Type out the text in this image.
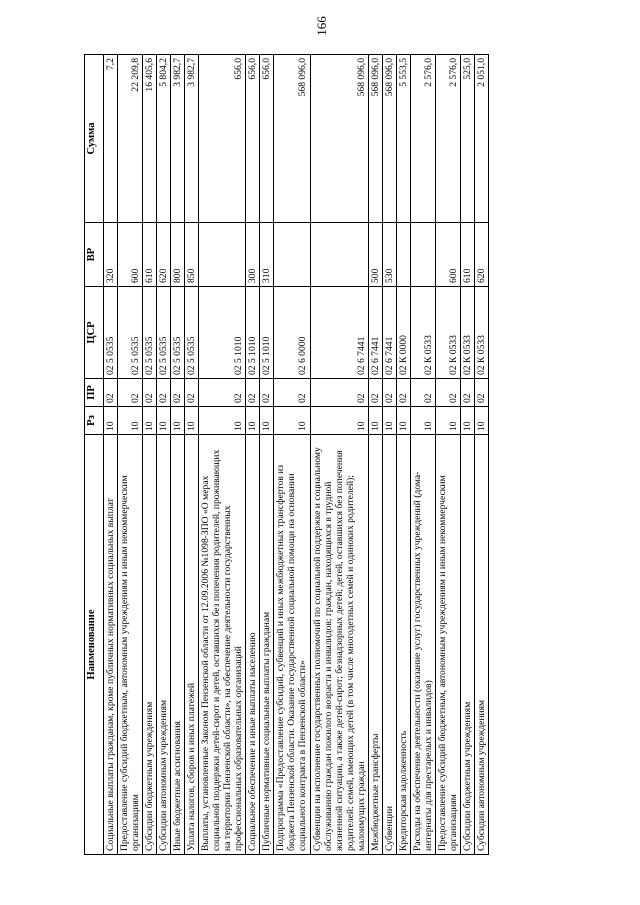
166
Наименование	Рз	ПР	ЦСР	ВР	Сумма
Социальные выплаты гражданам, кроме публичных нормативных социальных выплат	10	02	02 5 0535	320	7,2
Предоставление субсидий бюджетным, автономным учреждениям и иным некоммерческим организациям	10	02	02 5 0535	600	22 209,8
Субсидии бюджетным учреждениям	10	02	02 5 0535	610	16 405,6
Субсидии автономным учреждениям	10	02	02 5 0535	620	5 804,2
Иные бюджетные ассигнования	10	02	02 5 0535	800	3 982,7
Уплата налогов, сборов и иных платежей	10	02	02 5 0535	850	3 982,7
Выплаты, установленные Законом Пензенской области от 12.09.2006 №1098-ЗПО «О мерах социальной поддержки детей-сирот и детей, оставшихся без попечения родителей, проживающих на территории Пензенской области», на обеспечение деятельности государственных профессиональных образовательных организаций	10	02	02 5 1010		656,0
Социальное обеспечение и иные выплаты населению	10	02	02 5 1010	300	656,0
Публичные нормативные социальные выплаты гражданам	10	02	02 5 1010	310	656,0
Подпрограмма «Предоставление субсидий, субвенций и иных межбюджетных трансфертов из бюджета Пензенской области. Оказание государственной социальной помощи на основании социального контракта в Пензенской области»	10	02	02 6 0000		568 096,0
Субвенции на исполнение государственных полномочий по социальной поддержке и социальному обслуживанию граждан пожилого возраста и инвалидов; граждан, находящихся в трудной жизненной ситуации, а также детей-сирот; безнадзорных детей; детей, оставшихся без попечения родителей; семей, имеющих детей (в том числе многодетных семей и одиноких родителей); малоимущих граждан	10	02	02 6 7441		568 096,0
Межбюджетные трансферты	10	02	02 6 7441	500	568 096,0
Субвенции	10	02	02 6 7441	530	568 096,0
Кредиторская задолженность	10	02	02 К 0000		5 553,5
Расходы на обеспечение деятельности (оказание услуг) государственных учреждений (дома-интернаты для престарелых и инвалидов)	10	02	02 К 0533		2 576,0
Предоставление субсидий бюджетным, автономным учреждениям и иным некоммерческим организациям	10	02	02 К 0533	600	2 576,0
Субсидии бюджетным учреждениям	10	02	02 К 0533	610	525,0
Субсидии автономным учреждениям	10	02	02 К 0533	620	2 051,0
